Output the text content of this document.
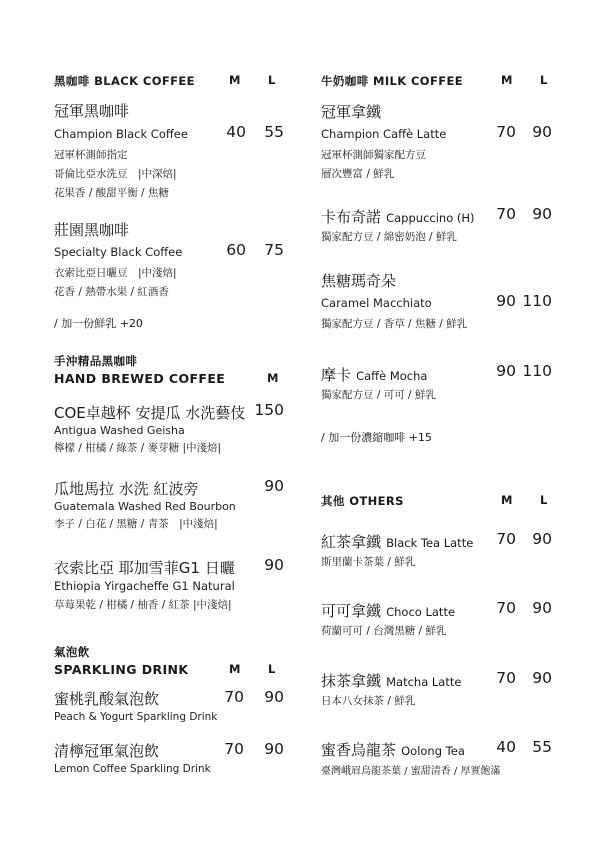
黑咖啡 BLACK COFFEE	M L
冠軍黑咖啡
Champion Black Coffee	40	55
冠軍杯測師指定
哥倫比亞水洗豆　|中深焙|
花果香 / 酸甜平衡 / 焦糖
莊園黑咖啡
Specialty Black Coffee	60	75
衣索比亞日曬豆　|中淺焙|
花香 / 熱帶水果 / 紅酒香
/ 加一份鮮乳 +20
手沖精品黑咖啡
HAND BREWED COFFEE	M
COE卓越杯 安提瓜 水洗藝伎 150
Antigua Washed Geisha
檸檬 / 柑橘 / 綠茶 / 麥芽糖 |中淺焙|
瓜地馬拉 水洗 紅波旁	90
Guatemala Washed Red Bourbon
李子 / 白花 / 黑糖 / 青茶　|中淺焙|
衣索比亞 耶加雪菲G1 日曬	90
Ethiopia Yirgacheffe G1 Natural
草莓果乾 / 柑橘 / 柚香 / 紅茶 |中淺焙|
氣泡飲
SPARKLING DRINK	M L
蜜桃乳酸氣泡飲	70	90
Peach & Yogurt Sparkling Drink
清檸冠軍氣泡飲	70	90
Lemon Coffee Sparkling Drink
牛奶咖啡 MILK COFFEE	M L
冠軍拿鐵
Champion Caffè Latte	70	90
冠軍杯測師獨家配方豆
層次豐富 / 鮮乳
卡布奇諾 Cappuccino (H)	70	90
獨家配方豆 / 綿密奶泡 / 鮮乳
焦糖瑪奇朵
Caramel Macchiato	90 110
獨家配方豆 / 香草 / 焦糖 / 鮮乳
摩卡 Caffè Mocha	90 110
獨家配方豆 / 可可 / 鮮乳
/ 加一份濃縮咖啡 +15
其他 OTHERS	M L
紅茶拿鐵 Black Tea Latte	70	90
斯里蘭卡茶葉 / 鮮乳
可可拿鐵 Choco Latte	70	90
荷蘭可可 / 台灣黑糖 / 鮮乳
抹茶拿鐵 Matcha Latte	70	90
日本八女抹茶 / 鮮乳
蜜香烏龍茶 Oolong Tea	40	55
臺灣峨眉烏龍茶葉 / 蜜甜清香 / 厚實飽滿
